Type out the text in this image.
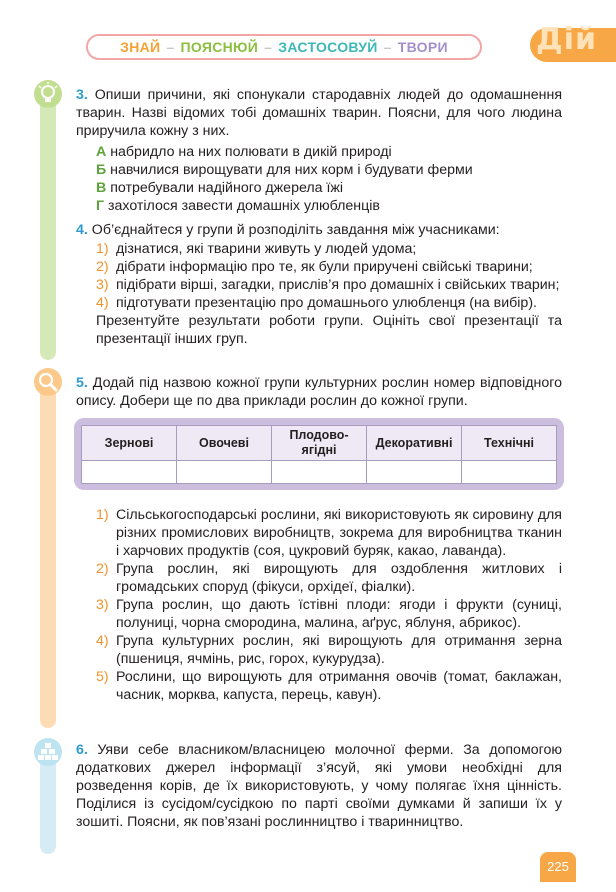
ЗНАЙ – ПОЯСНЮЙ – ЗАСТОСОВУЙ – ТВОРИ	Дій
3. Опиши причини, які спонукали стародавніх людей до одомашнення тварин. Назві відомих тобі домашніх тварин. Поясни, для чого людина приручила кожну з них.
А набридло на них полювати в дикій природі
Б навчилися вирощувати для них корм і будувати ферми
В потребували надійного джерела їжі
Г захотілося завести домашніх улюбленців
4. Об’єднайтеся у групи й розподіліть завдання між учасниками:
1) дізнатися, які тварини живуть у людей удома;
2) дібрати інформацію про те, як були приручені свійські тварини;
3) підібрати вірші, загадки, прислів’я про домашніх і свійських тварин;
4) підготувати презентацію про домашнього улюбленця (на вибір).
Презентуйте результати роботи групи. Оцініть свої презентації та презентації інших груп.
5. Додай під назвою кожної групи культурних рослин номер відповідного опису. Добери ще по два приклади рослин до кожної групи.
Зернові	Овочеві	Плодово-ягідні	Декоративні	Технічні

1) Сільськогосподарські рослини, які використовують як сировину для різних промислових виробництв, зокрема для виробництва тканин і харчових продуктів (соя, цукровий буряк, какао, лаванда).
2) Група рослин, які вирощують для оздоблення житлових і громадських споруд (фікуси, орхідеї, фіалки).
3) Група рослин, що дають їстівні плоди: ягоди і фрукти (суниці, полуниці, чорна смородина, малина, аґрус, яблуня, абрикос).
4) Група культурних рослин, які вирощують для отримання зерна (пшениця, ячмінь, рис, горох, кукурудза).
5) Рослини, що вирощують для отримання овочів (томат, баклажан, часник, морква, капуста, перець, кавун).
6. Уяви себе власником/власницею молочної ферми. За допомогою додаткових джерел інформації з’ясуй, які умови необхідні для розведення корів, де їх використовують, у чому полягає їхня цінність. Поділися із сусідом/сусідкою по парті своїми думками й запиши їх у зошиті. Поясни, як пов’язані рослинництво і тваринництво.
225
